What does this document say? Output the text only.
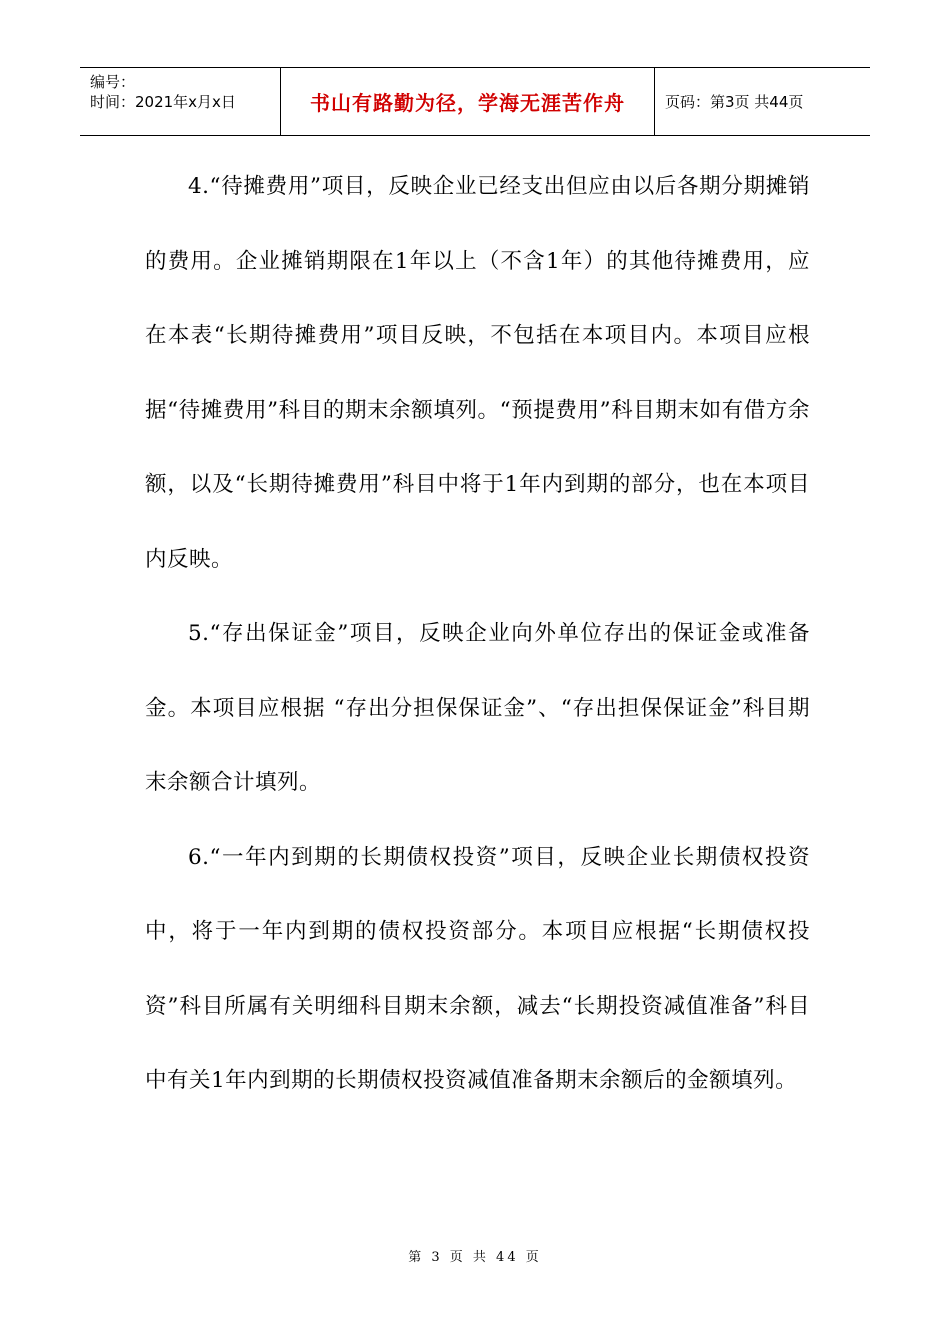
编号：
时间：2021年x月x日	书山有路勤为径，学海无涯苦作舟	页码：第3页 共44页

4.“待摊费用”项目，反映企业已经支出但应由以后各期分期摊销的费用。企业摊销期限在1年以上（不含1年）的其他待摊费用，应在本表“长期待摊费用”项目反映，不包括在本项目内。本项目应根据“待摊费用”科目的期末余额填列。“预提费用”科目期末如有借方余额，以及“长期待摊费用”科目中将于1年内到期的部分，也在本项目内反映。

5.“存出保证金”项目，反映企业向外单位存出的保证金或准备金。本项目应根据 “存出分担保保证金”、“存出担保保证金”科目期末余额合计填列。

6.“一年内到期的长期债权投资”项目，反映企业长期债权投资中，将于一年内到期的债权投资部分。本项目应根据“长期债权投资”科目所属有关明细科目期末余额，减去“长期投资减值准备”科目中有关1年内到期的长期债权投资减值准备期末余额后的金额填列。

第 3 页 共 44 页
